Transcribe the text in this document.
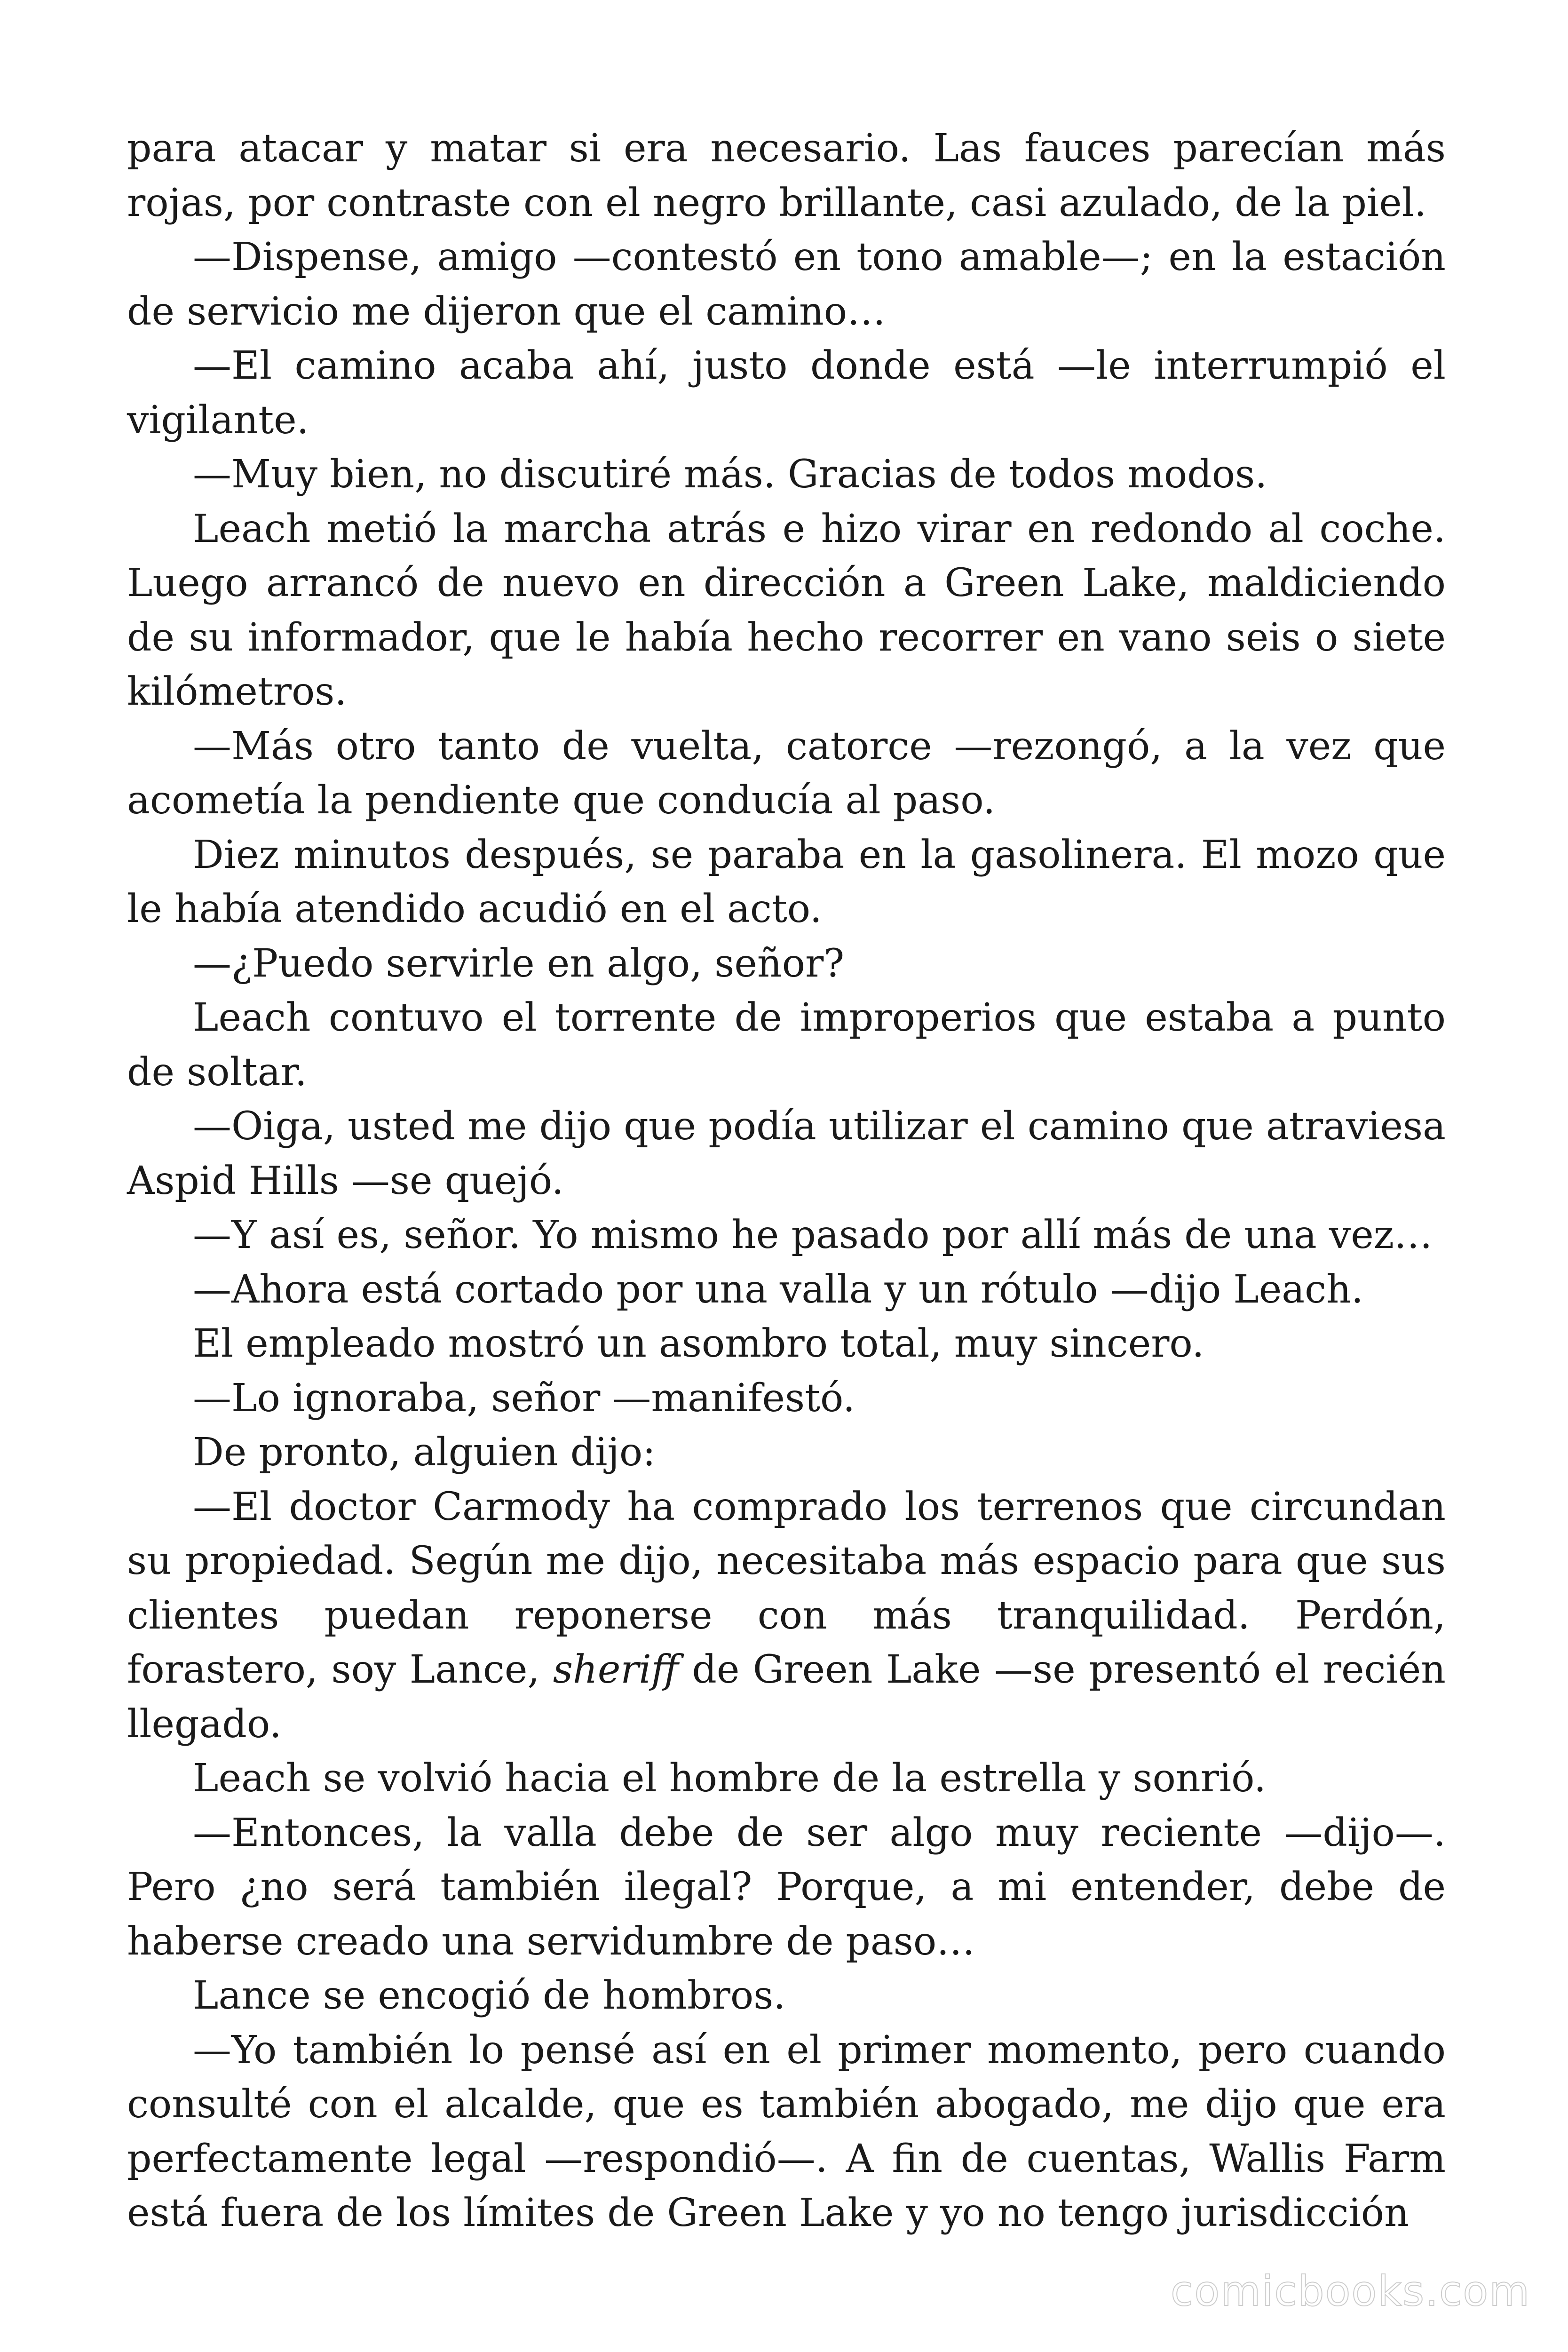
para atacar y matar si era necesario. Las fauces parecían más rojas, por contraste con el negro brillante, casi azulado, de la piel.

—Dispense, amigo —contestó en tono amable—; en la estación de servicio me dijeron que el camino…

—El camino acaba ahí, justo donde está —le interrumpió el vigilante.

—Muy bien, no discutiré más. Gracias de todos modos.

Leach metió la marcha atrás e hizo virar en redondo al coche. Luego arrancó de nuevo en dirección a Green Lake, maldiciendo de su informador, que le había hecho recorrer en vano seis o siete kilómetros.

—Más otro tanto de vuelta, catorce —rezongó, a la vez que acometía la pendiente que conducía al paso.

Diez minutos después, se paraba en la gasolinera. El mozo que le había atendido acudió en el acto.

—¿Puedo servirle en algo, señor?

Leach contuvo el torrente de improperios que estaba a punto de soltar.

—Oiga, usted me dijo que podía utilizar el camino que atraviesa Aspid Hills —se quejó.

—Y así es, señor. Yo mismo he pasado por allí más de una vez…

—Ahora está cortado por una valla y un rótulo —dijo Leach.

El empleado mostró un asombro total, muy sincero.

—Lo ignoraba, señor —manifestó.

De pronto, alguien dijo:

—El doctor Carmody ha comprado los terrenos que circundan su propiedad. Según me dijo, necesitaba más espacio para que sus clientes puedan reponerse con más tranquilidad. Perdón, forastero, soy Lance, sheriff de Green Lake —se presentó el recién llegado.

Leach se volvió hacia el hombre de la estrella y sonrió.

—Entonces, la valla debe de ser algo muy reciente —dijo—. Pero ¿no será también ilegal? Porque, a mi entender, debe de haberse creado una servidumbre de paso…

Lance se encogió de hombros.

—Yo también lo pensé así en el primer momento, pero cuando consulté con el alcalde, que es también abogado, me dijo que era perfectamente legal —respondió—. A fin de cuentas, Wallis Farm está fuera de los límites de Green Lake y yo no tengo jurisdicción

comicbooks.com
